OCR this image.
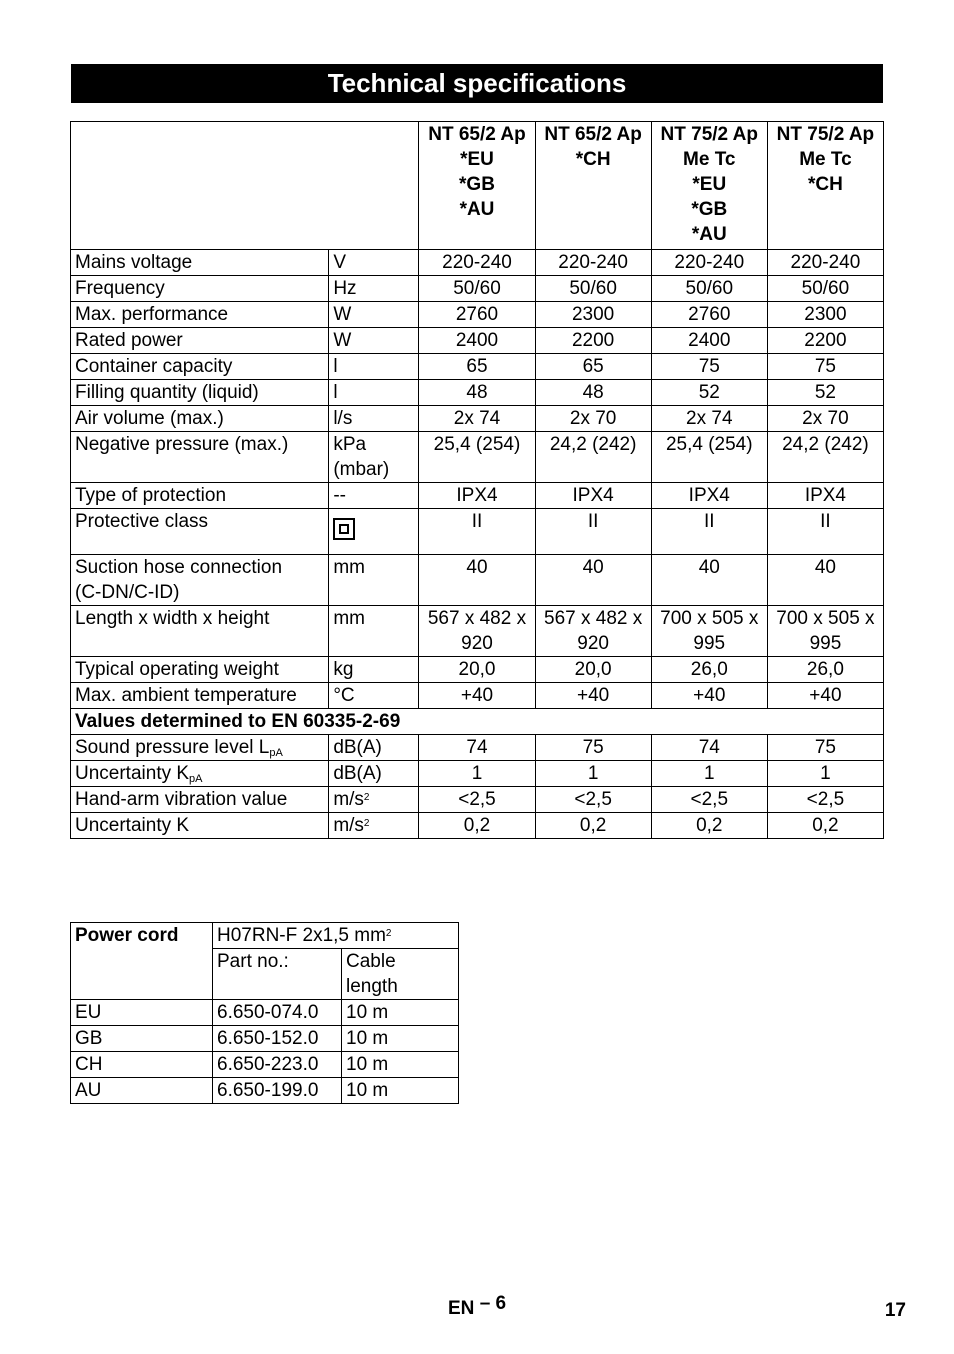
Technical specifications
		NT 65/2 Ap
*EU
*GB
*AU	NT 65/2 Ap
*CH	NT 75/2 Ap
Me Tc
*EU
*GB
*AU	NT 75/2 Ap
Me Tc
*CH
Mains voltage	V	220-240	220-240	220-240	220-240
Frequency	Hz	50/60	50/60	50/60	50/60
Max. performance	W	2760	2300	2760	2300
Rated power	W	2400	2200	2400	2200
Container capacity	l	65	65	75	75
Filling quantity (liquid)	l	48	48	52	52
Air volume (max.)	l/s	2x 74	2x 70	2x 74	2x 70
Negative pressure (max.)	kPa
(mbar)	25,4 (254)	24,2 (242)	25,4 (254)	24,2 (242)
Type of protection	--	IPX4	IPX4	IPX4	IPX4
Protective class		II	II	II	II
Suction hose connection
(C-DN/C-ID)	mm	40	40	40	40
Length x width x height	mm	567 x 482 x
920	567 x 482 x
920	700 x 505 x
995	700 x 505 x
995
Typical operating weight	kg	20,0	20,0	26,0	26,0
Max. ambient temperature	°C	+40	+40	+40	+40
Values determined to EN 60335-2-69					
Sound pressure level $L_{pA}$	dB(A)	74	75	74	75
Uncertainty $K_{pA}$	dB(A)	1	1	1	1
Hand-arm vibration value	$m/s^2$	<2,5	<2,5	<2,5	<2,5
Uncertainty K	$m/s^2$	0,2	0,2	0,2	0,2
Power cord	H07RN-F 2x1,5 $mm^2$
	Part no.:	Cable
length
EU	6.650-074.0	10 m
GB	6.650-152.0	10 m
CH	6.650-223.0	10 m
AU	6.650-199.0	10 m
EN – 6	17
